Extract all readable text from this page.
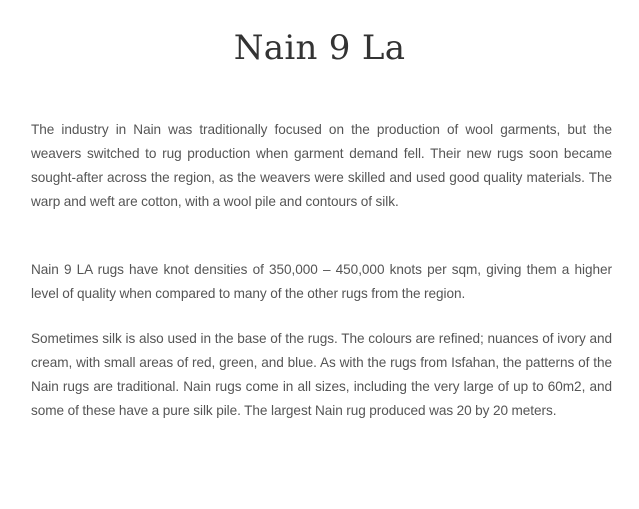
Nain 9 La

The industry in Nain was traditionally focused on the production of wool garments, but the weavers switched to rug production when garment demand fell. Their new rugs soon became sought-after across the region, as the weavers were skilled and used good quality materials. The warp and weft are cotton, with a wool pile and contours of silk.

Nain 9 LA rugs have knot densities of 350,000 – 450,000 knots per sqm, giving them a higher level of quality when compared to many of the other rugs from the region.

Sometimes silk is also used in the base of the rugs. The colours are refined; nuances of ivory and cream, with small areas of red, green, and blue. As with the rugs from Isfahan, the patterns of the Nain rugs are traditional. Nain rugs come in all sizes, including the very large of up to 60m2, and some of these have a pure silk pile. The largest Nain rug produced was 20 by 20 meters.
